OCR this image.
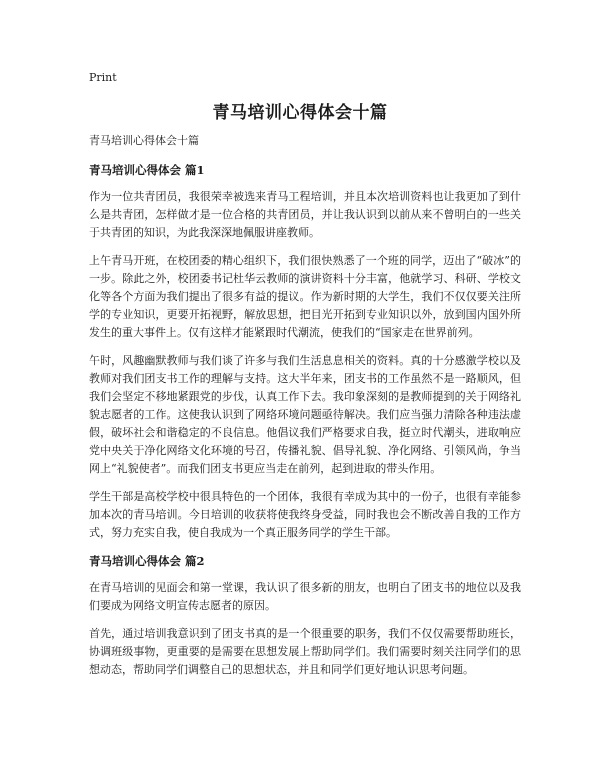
Print
青马培训心得体会十篇

青马培训心得体会十篇

青马培训心得体会 篇1

作为一位共青团员，我很荣幸被选来青马工程培训，并且本次培训资料也让我更加了到什么是共青团，怎样做才是一位合格的共青团员，并让我认识到以前从来不曾明白的一些关于共青团的知识，为此我深深地佩服讲座教师。

上午青马开班，在校团委的精心组织下，我们很快熟悉了一个班的同学，迈出了“破冰”的一步。除此之外，校团委书记杜华云教师的演讲资料十分丰富，他就学习、科研、学校文化等各个方面为我们提出了很多有益的提议。作为新时期的大学生，我们不仅仅要关注所学的专业知识，更要开拓视野，解放思想，把目光开拓到专业知识以外，放到国内国外所发生的重大事件上。仅有这样才能紧跟时代潮流，使我们的“国家走在世界前列。

午时，风趣幽默教师与我们谈了许多与我们生活息息相关的资料。真的十分感激学校以及教师对我们团支书工作的理解与支持。这大半年来，团支书的工作虽然不是一路顺风，但我们会坚定不移地紧跟党的步伐，认真工作下去。我印象深刻的是教师提到的关于网络礼貌志愿者的工作。这使我认识到了网络环境问题亟待解决。我们应当强力清除各种违法虚假，破坏社会和谐稳定的不良信息。他倡议我们严格要求自我，挺立时代潮头，进取响应党中央关于净化网络文化环境的号召，传播礼貌、倡导礼貌、净化网络、引领风尚，争当网上“礼貌使者”。而我们团支书更应当走在前列，起到进取的带头作用。

学生干部是高校学校中很具特色的一个团体，我很有幸成为其中的一份子，也很有幸能参加本次的青马培训。今日培训的收获将使我终身受益，同时我也会不断改善自我的工作方式，努力充实自我，使自我成为一个真正服务同学的学生干部。

青马培训心得体会 篇2

在青马培训的见面会和第一堂课，我认识了很多新的朋友，也明白了团支书的地位以及我们要成为网络文明宣传志愿者的原因。

首先，通过培训我意识到了团支书真的是一个很重要的职务，我们不仅仅需要帮助班长，协调班级事物，更重要的是需要在思想发展上帮助同学们。我们需要时刻关注同学们的思想动态，帮助同学们调整自己的思想状态，并且和同学们更好地认识思考问题。
